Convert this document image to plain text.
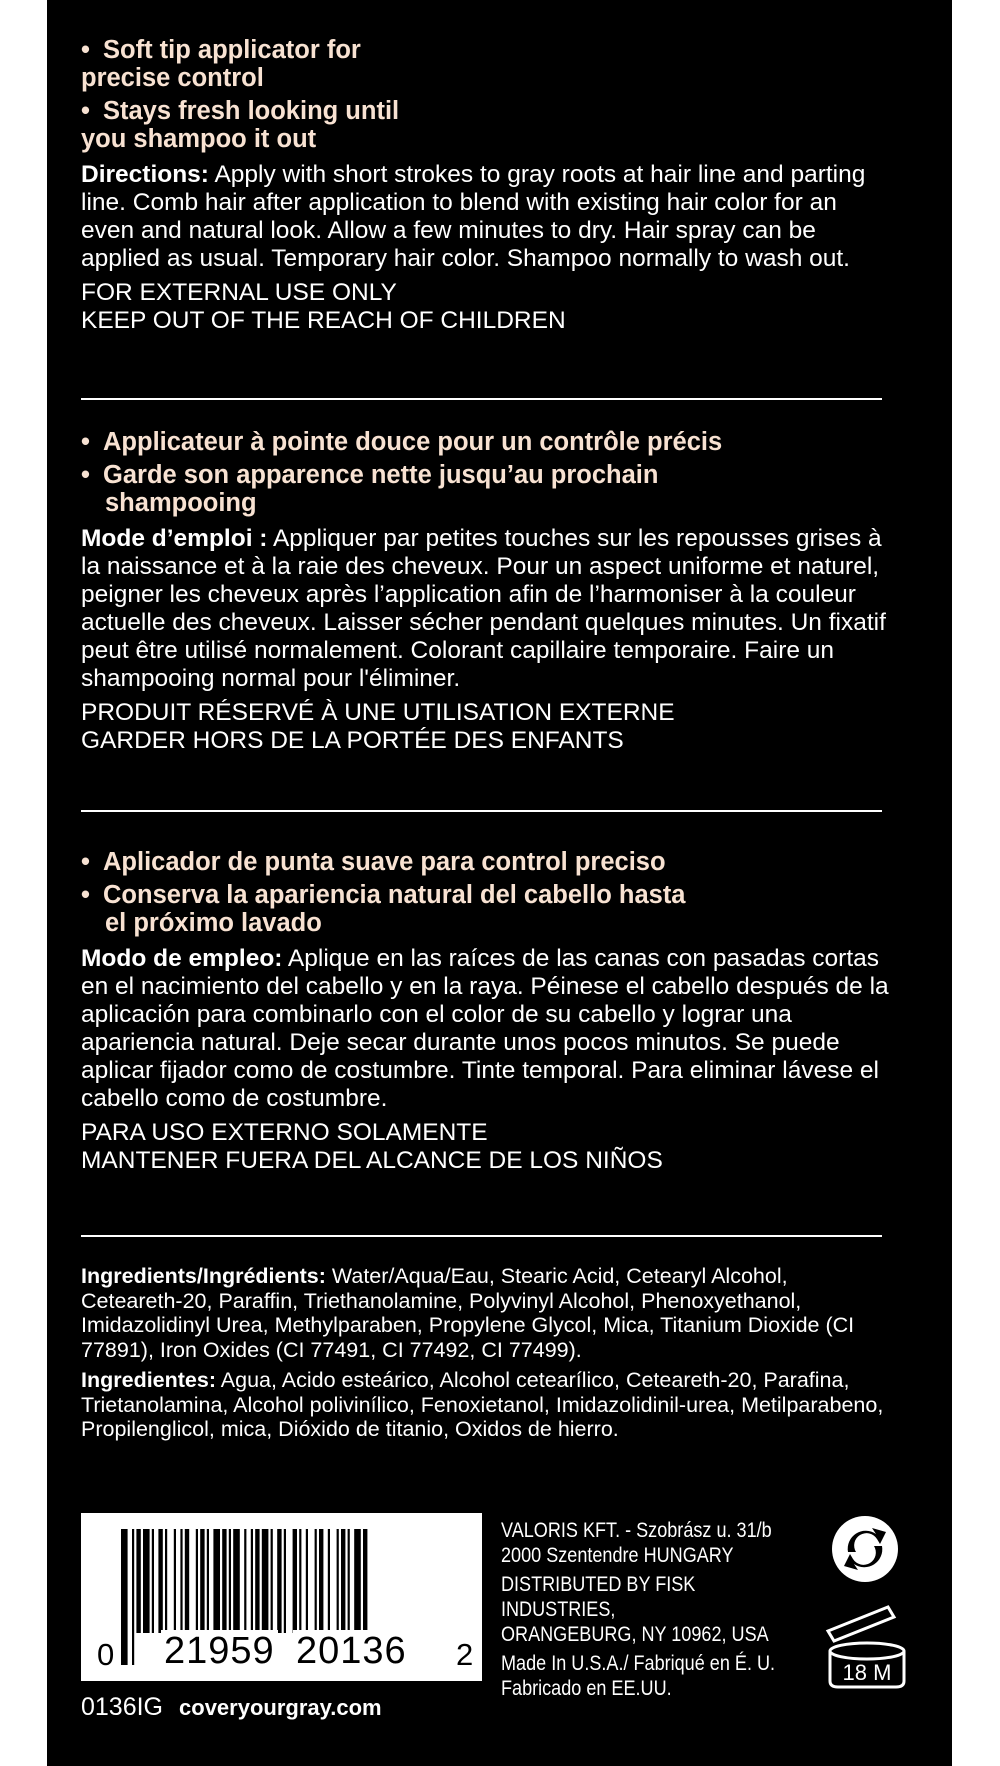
• Soft tip applicator for
precise control
• Stays fresh looking until
you shampoo it out

Directions: Apply with short strokes to gray roots at hair line and parting line. Comb hair after application to blend with existing hair color for an even and natural look. Allow a few minutes to dry. Hair spray can be applied as usual. Temporary hair color. Shampoo normally to wash out.

FOR EXTERNAL USE ONLY

KEEP OUT OF THE REACH OF CHILDREN

• Applicateur à pointe douce pour un contrôle précis
• Garde son apparence nette jusqu’au prochain
shampooing

Mode d’emploi : Appliquer par petites touches sur les repousses grises à la naissance et à la raie des cheveux. Pour un aspect uniforme et naturel, peigner les cheveux après l’application afin de l’harmoniser à la couleur actuelle des cheveux. Laisser sécher pendant quelques minutes. Un fixatif peut être utilisé normalement. Colorant capillaire temporaire. Faire un shampooing normal pour l'éliminer.

PRODUIT RÉSERVÉ À UNE UTILISATION EXTERNE

GARDER HORS DE LA PORTÉE DES ENFANTS

• Aplicador de punta suave para control preciso
• Conserva la apariencia natural del cabello hasta
el próximo lavado

Modo de empleo: Aplique en las raíces de las canas con pasadas cortas en el nacimiento del cabello y en la raya. Péinese el cabello después de la aplicación para combinarlo con el color de su cabello y lograr una apariencia natural. Deje secar durante unos pocos minutos. Se puede aplicar fijador como de costumbre. Tinte temporal. Para eliminar lávese el cabello como de costumbre.

PARA USO EXTERNO SOLAMENTE

MANTENER FUERA DEL ALCANCE DE LOS NIÑOS

Ingredients/Ingrédients: Water/Aqua/Eau, Stearic Acid, Cetearyl Alcohol, Ceteareth-20, Paraffin, Triethanolamine, Polyvinyl Alcohol, Phenoxyethanol, Imidazolidinyl Urea, Methylparaben, Propylene Glycol, Mica, Titanium Dioxide (CI 77891), Iron Oxides (CI 77491, CI 77492, CI 77499).

Ingredientes: Agua, Acido esteárico, Alcohol cetearílico, Ceteareth-20, Parafina, Trietanolamina, Alcohol polivinílico, Fenoxietanol, Imidazolidinil-urea, Metilparabeno, Propilenglicol, mica, Dióxido de titanio, Oxidos de hierro.

0 21959 20136 2
VALORIS KFT. - Szobrász u. 31/b
2000 Szentendre HUNGARY
DISTRIBUTED BY FISK INDUSTRIES,
ORANGEBURG, NY 10962, USA
Made In U.S.A./ Fabriqué en É. U.
Fabricado en EE.UU.
18 M
0136IG coveryourgray.com
